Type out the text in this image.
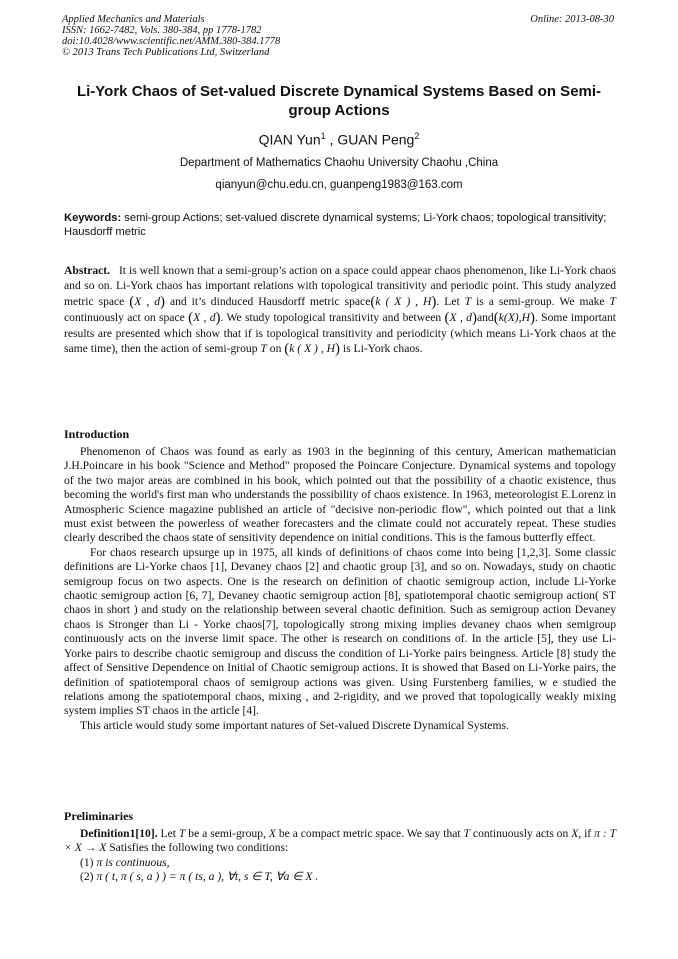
Applied Mechanics and Materials
ISSN: 1662-7482, Vols. 380-384, pp 1778-1782
doi:10.4028/www.scientific.net/AMM.380-384.1778
© 2013 Trans Tech Publications Ltd, Switzerland
Online: 2013-08-30
Li-York Chaos of Set-valued Discrete Dynamical Systems Based on Semi-group Actions
QIAN Yun$^1$ , GUAN Peng$^2$
Department of Mathematics Chaohu University Chaohu ,China
qianyun@chu.edu.cn, guanpeng1983@163.com
Keywords: semi-group Actions; set-valued discrete dynamical systems; Li-York chaos; topological transitivity; Hausdorff metric
Abstract. It is well known that a semi-group’s action on a space could appear chaos phenomenon, like Li-York chaos and so on. Li-York chaos has important relations with topological transitivity and periodic point. This study analyzed metric space (X , d) and it’s dinduced Hausdorff metric space(k ( X ) , H). Let T is a semi-group. We make T continuously act on space (X , d). We study topological transitivity and between (X , d)and(k(X),H). Some important results are presented which show that if is topological transitivity and periodicity (which means Li-York chaos at the same time), then the action of semi-group T on (k ( X ) , H) is Li-York chaos.
Introduction
Phenomenon of Chaos was found as early as 1903 in the beginning of this century, American mathematician J.H.Poincare in his book "Science and Method" proposed the Poincare Conjecture. Dynamical systems and topology of the two major areas are combined in his book, which pointed out that the possibility of a chaotic existence, thus becoming the world's first man who understands the possibility of chaos existence. In 1963, meteorologist E.Lorenz in Atmospheric Science magazine published an article of "decisive non-periodic flow", which pointed out that a link must exist between the powerless of weather forecasters and the climate could not accurately repeat. These studies clearly described the chaos state of sensitivity dependence on initial conditions. This is the famous butterfly effect.
For chaos research upsurge up in 1975, all kinds of definitions of chaos come into being [1,2,3]. Some classic definitions are Li-Yorke chaos [1], Devaney chaos [2] and chaotic group [3], and so on. Nowadays, study on chaotic semigroup focus on two aspects. One is the research on definition of chaotic semigroup action, include Li-Yorke chaotic semigroup action [6, 7], Devaney chaotic semigroup action [8], spatiotemporal chaotic semigroup action( ST chaos in short ) and study on the relationship between several chaotic definition. Such as semigroup action Devaney chaos is Stronger than Li - Yorke chaos[7], topologically strong mixing implies devaney chaos when semigroup continuously acts on the inverse limit space. The other is research on conditions of. In the article [5], they use Li-Yorke pairs to describe chaotic semigroup and discuss the condition of Li-Yorke pairs beingness. Article [8] study the affect of Sensitive Dependence on Initial of Chaotic semigroup actions. It is showed that Based on Li-Yorke pairs, the definition of spatiotemporal chaos of semigroup actions was given. Using Furstenberg families, w e studied the relations among the spatiotemporal chaos, mixing , and 2-rigidity, and we proved that topologically weakly mixing system implies ST chaos in the article [4].
This article would study some important natures of Set-valued Discrete Dynamical Systems.
Preliminaries
Definition1[10]. Let T be a semi-group, X be a compact metric space. We say that T continuously acts on X, if π : T × X → X Satisfies the following two conditions:
(1) π is continuous,
(2) π ( t, π ( s, a ) ) = π ( ts, a ), ∀t, s ∈ T, ∀a ∈ X .
